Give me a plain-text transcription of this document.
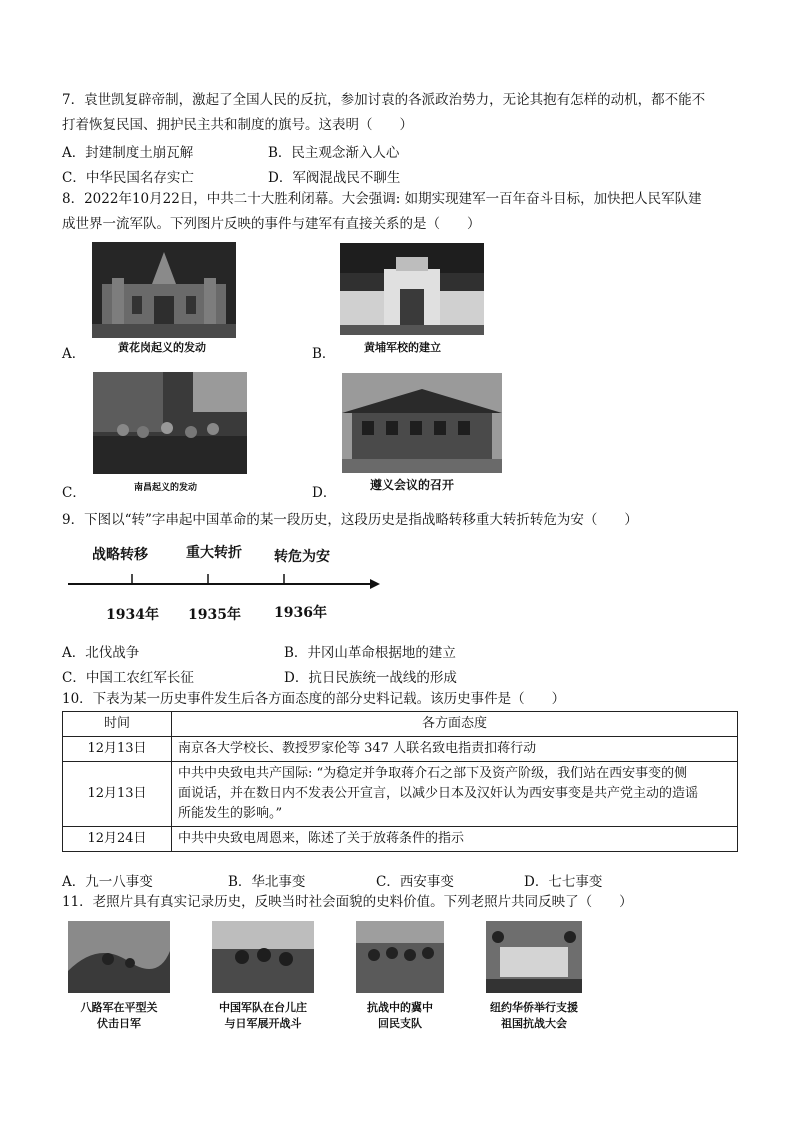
7．袁世凯复辟帝制，激起了全国人民的反抗，参加讨袁的各派政治势力，无论其抱有怎样的动机，都不能不
打着恢复民国、拥护民主共和制度的旗号。这表明（　　）
A．封建制度土崩瓦解	B．民主观念渐入人心
C．中华民国名存实亡	D．军阀混战民不聊生
8．2022年10月22日，中共二十大胜利闭幕。大会强调: 如期实现建军一百年奋斗目标，加快把人民军队建
成世界一流军队。下列图片反映的事件与建军有直接关系的是（　　）
A．	黄花岗起义的发动	B．	黄埔军校的建立
C．	南昌起义的发动	D．	遵义会议的召开
9．下图以“转”字串起中国革命的某一段历史，这段历史是指战略转移重大转折转危为安（　　）
战略转移	重大转折 转危为安
1934年 1935年 1936年
A．北伐战争	B．井冈山革命根据地的建立
C．中国工农红军长征	D．抗日民族统一战线的形成
10．下表为某一历史事件发生后各方面态度的部分史料记载。该历史事件是（　　）
时间	各方面态度
12月13日	南京各大学校长、教授罗家伦等 347 人联名致电指责扣蒋行动
12月13日	中共中央致电共产国际: “为稳定并争取蒋介石之部下及资产阶级，我们站在西安事变的侧
面说话，并在数日内不发表公开宣言，以减少日本及汉奸认为西安事变是共产党主动的造谣
所能发生的影响。”

12月24日	中共中央致电周恩来，陈述了关于放蒋条件的指示
A．九一八事变	B．华北事变	C．西安事变	D．七七事变
11．老照片具有真实记录历史，反映当时社会面貌的史料价值。下列老照片共同反映了（　　）
八路军在平型关
伏击日军
中国军队在台儿庄
与日军展开战斗
抗战中的冀中
回民支队
纽约华侨举行支援
祖国抗战大会
